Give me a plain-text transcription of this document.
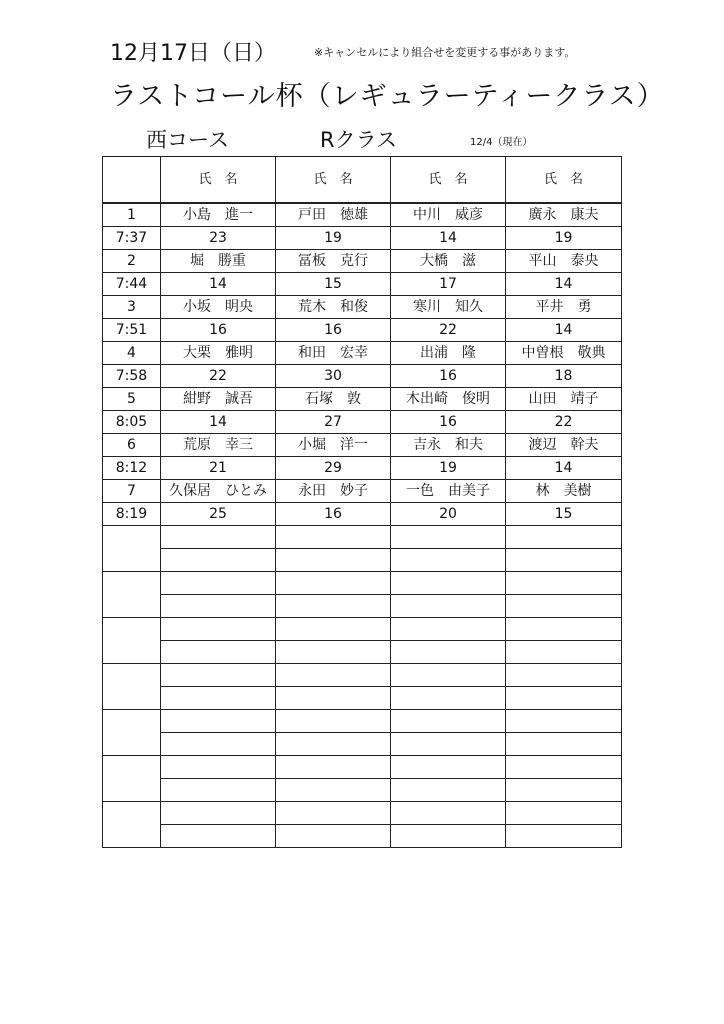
12月17日（日）	※キャンセルにより組合せを変更する事があります。
ラストコール杯（レギュラーティークラス）
西コース	Rクラス	12/4（現在）
	氏　名	氏　名	氏　名	氏　名
1	小島　進一	戸田　徳雄	中川　威彦	廣永　康夫
7:37	23	19	14	19
2	堀　勝重	冨板　克行	大橋　滋	平山　泰央
7:44	14	15	17	14
3	小坂　明央	荒木　和俊	寒川　知久	平井　勇
7:51	16	16	22	14
4	大栗　雅明	和田　宏幸	出浦　隆	中曽根　敬典
7:58	22	30	16	18
5	紺野　誠吾	石塚　敦	木出崎　俊明	山田　靖子
8:05	14	27	16	22
6	荒原　幸三	小堀　洋一	吉永　和夫	渡辺　幹夫
8:12	21	29	19	14
7	久保居　ひとみ	永田　妙子	一色　由美子	林　美樹
8:19	25	16	20	15
